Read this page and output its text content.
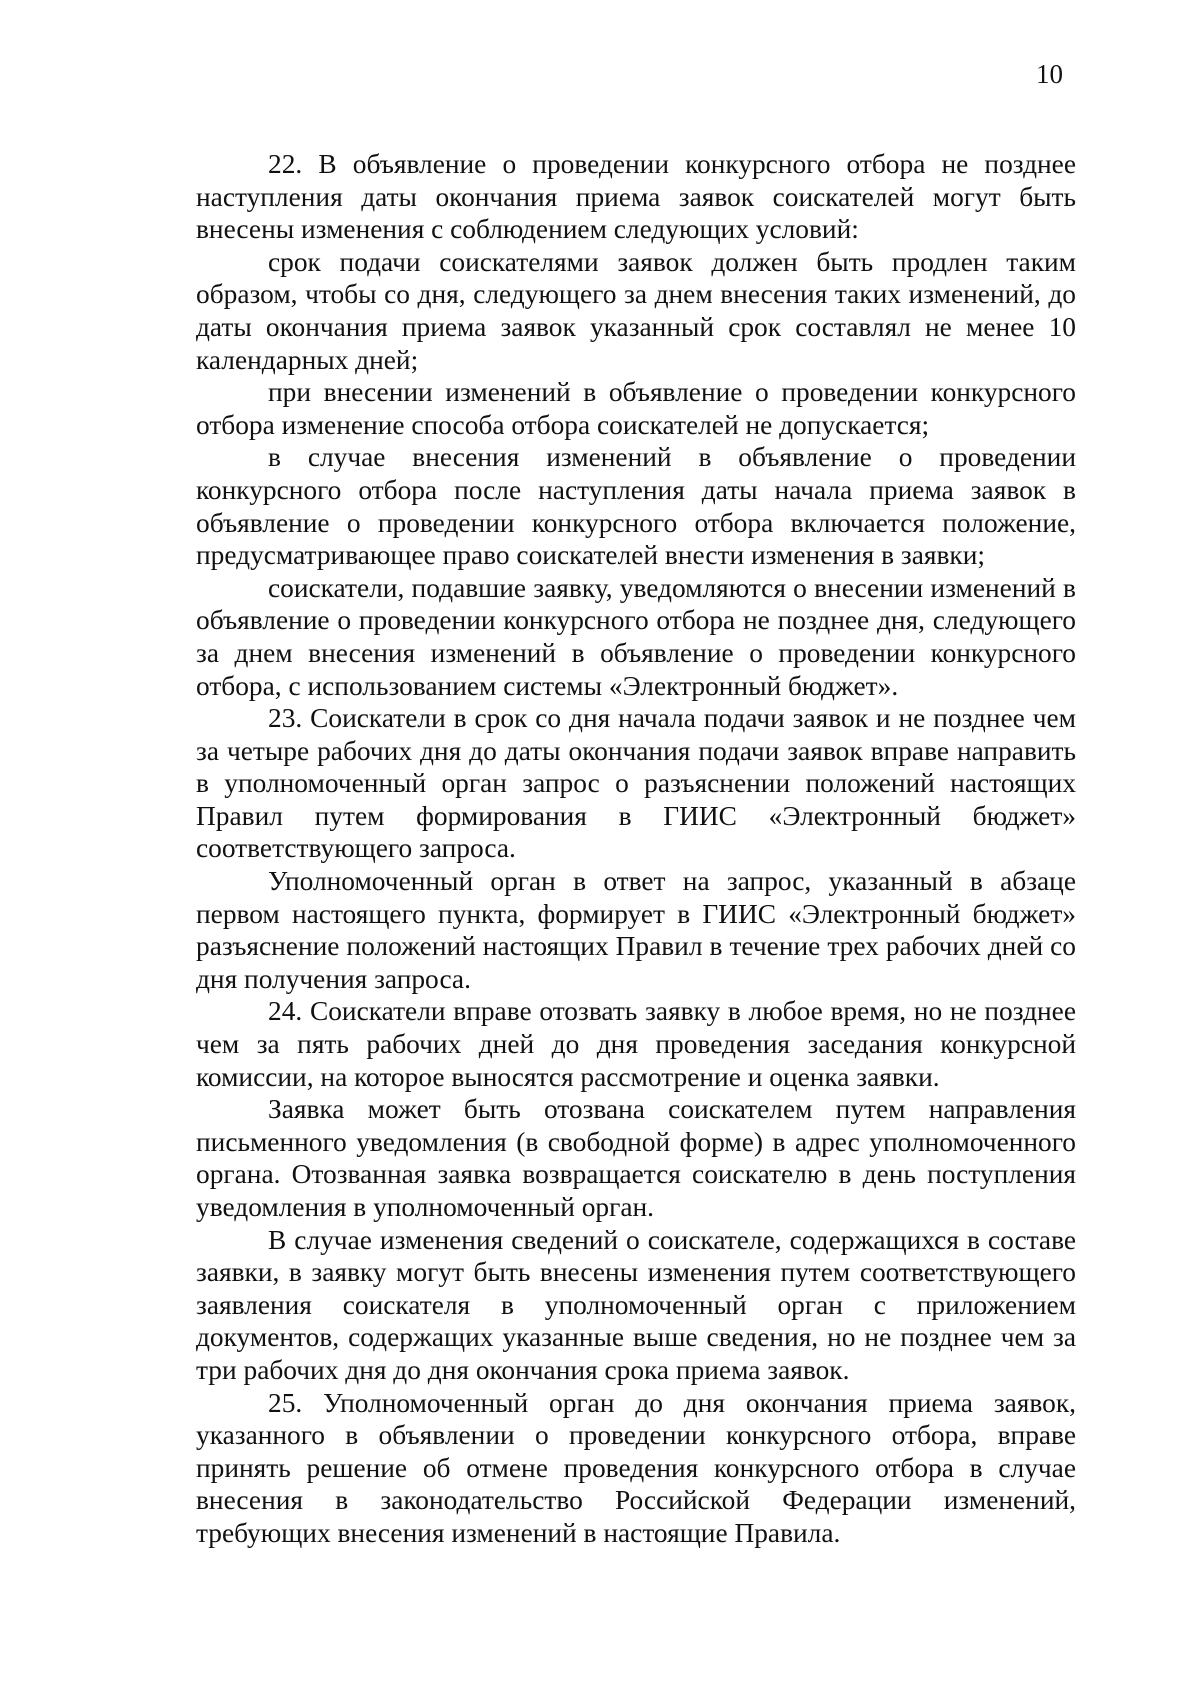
10

22. В объявление о проведении конкурсного отбора не позднее наступления даты окончания приема заявок соискателей могут быть внесены изменения с соблюдением следующих условий:

срок подачи соискателями заявок должен быть продлен таким образом, чтобы со дня, следующего за днем внесения таких изменений, до даты окончания приема заявок указанный срок составлял не менее 10 календарных дней;

при внесении изменений в объявление о проведении конкурсного отбора изменение способа отбора соискателей не допускается;

в случае внесения изменений в объявление о проведении конкурсного отбора после наступления даты начала приема заявок в объявление о проведении конкурсного отбора включается положение, предусматривающее право соискателей внести изменения в заявки;

соискатели, подавшие заявку, уведомляются о внесении изменений в объявление о проведении конкурсного отбора не позднее дня, следующего за днем внесения изменений в объявление о проведении конкурсного отбора, с использованием системы «Электронный бюджет».

23. Соискатели в срок со дня начала подачи заявок и не позднее чем за четыре рабочих дня до даты окончания подачи заявок вправе направить в уполномоченный орган запрос о разъяснении положений настоящих Правил путем формирования в ГИИС «Электронный бюджет» соответствующего запроса.

Уполномоченный орган в ответ на запрос, указанный в абзаце первом настоящего пункта, формирует в ГИИС «Электронный бюджет» разъяснение положений настоящих Правил в течение трех рабочих дней со дня получения запроса.

24. Соискатели вправе отозвать заявку в любое время, но не позднее чем за пять рабочих дней до дня проведения заседания конкурсной комиссии, на которое выносятся рассмотрение и оценка заявки.

Заявка может быть отозвана соискателем путем направления письменного уведомления (в свободной форме) в адрес уполномоченного органа. Отозванная заявка возвращается соискателю в день поступления уведомления в уполномоченный орган.

В случае изменения сведений о соискателе, содержащихся в составе заявки, в заявку могут быть внесены изменения путем соответствующего заявления соискателя в уполномоченный орган с приложением документов, содержащих указанные выше сведения, но не позднее чем за три рабочих дня до дня окончания срока приема заявок.

25. Уполномоченный орган до дня окончания приема заявок, указанного в объявлении о проведении конкурсного отбора, вправе принять решение об отмене проведения конкурсного отбора в случае внесения в законодательство Российской Федерации изменений, требующих внесения изменений в настоящие Правила.
